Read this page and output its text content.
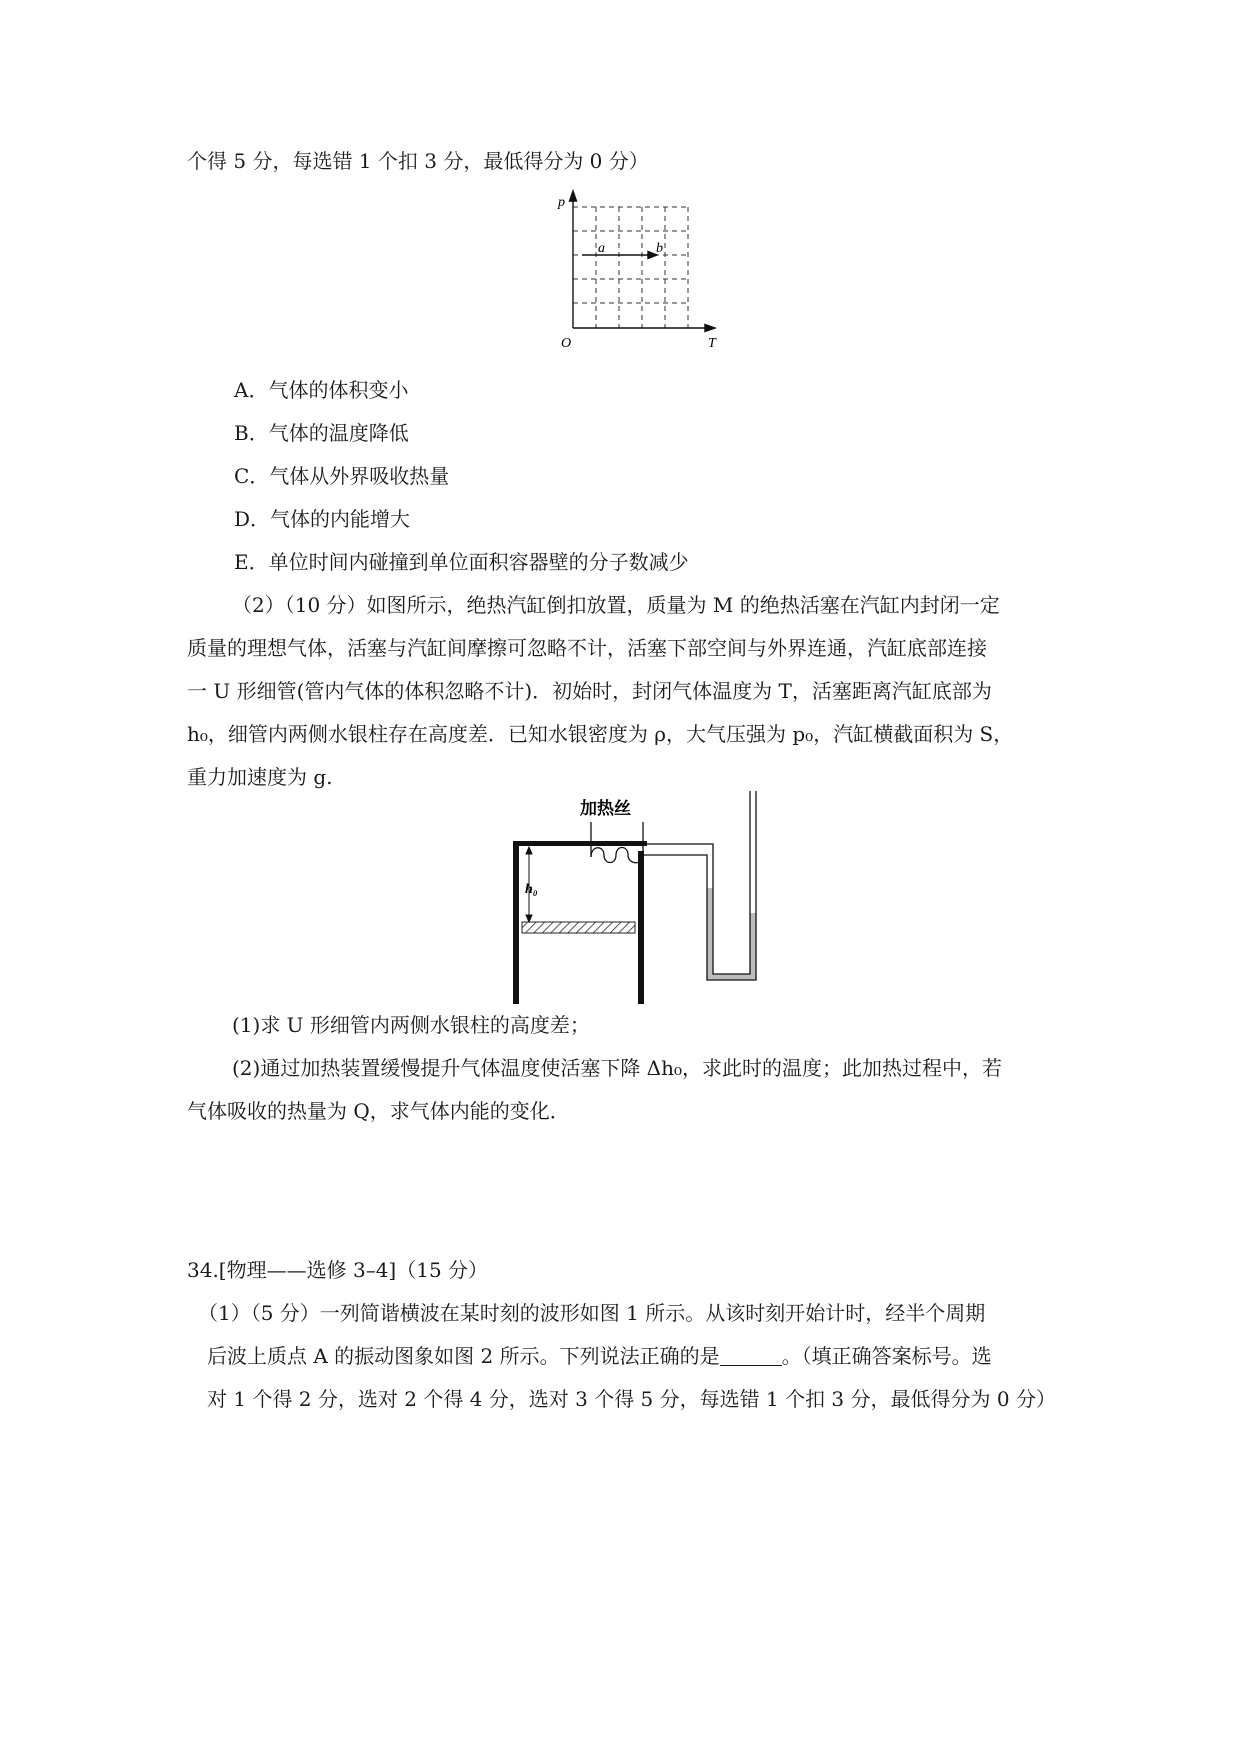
个得 5 分，每选错 1 个扣 3 分，最低得分为 0 分）
p
T
O
a	b
A．气体的体积变小
B．气体的温度降低
C．气体从外界吸收热量
D．气体的内能增大
E．单位时间内碰撞到单位面积容器壁的分子数减少
（2）（10 分）如图所示，绝热汽缸倒扣放置，质量为 M 的绝热活塞在汽缸内封闭一定
质量的理想气体，活塞与汽缸间摩擦可忽略不计，活塞下部空间与外界连通，汽缸底部连接
一 U 形细管(管内气体的体积忽略不计)．初始时，封闭气体温度为 T，活塞距离汽缸底部为
h₀，细管内两侧水银柱存在高度差．已知水银密度为 ρ，大气压强为 p₀，汽缸横截面积为 S，
重力加速度为 g.
加热丝
h₀
(1)求 U 形细管内两侧水银柱的高度差；
(2)通过加热装置缓慢提升气体温度使活塞下降 Δh₀，求此时的温度；此加热过程中，若
气体吸收的热量为 Q，求气体内能的变化．
34.[物理——选修 3–4]（15 分）
（1）（5 分）一列简谐横波在某时刻的波形如图 1 所示。从该时刻开始计时，经半个周期
后波上质点 A 的振动图象如图 2 所示。下列说法正确的是	。（填正确答案标号。选
对 1 个得 2 分，选对 2 个得 4 分，选对 3 个得 5 分，每选错 1 个扣 3 分，最低得分为 0 分）
